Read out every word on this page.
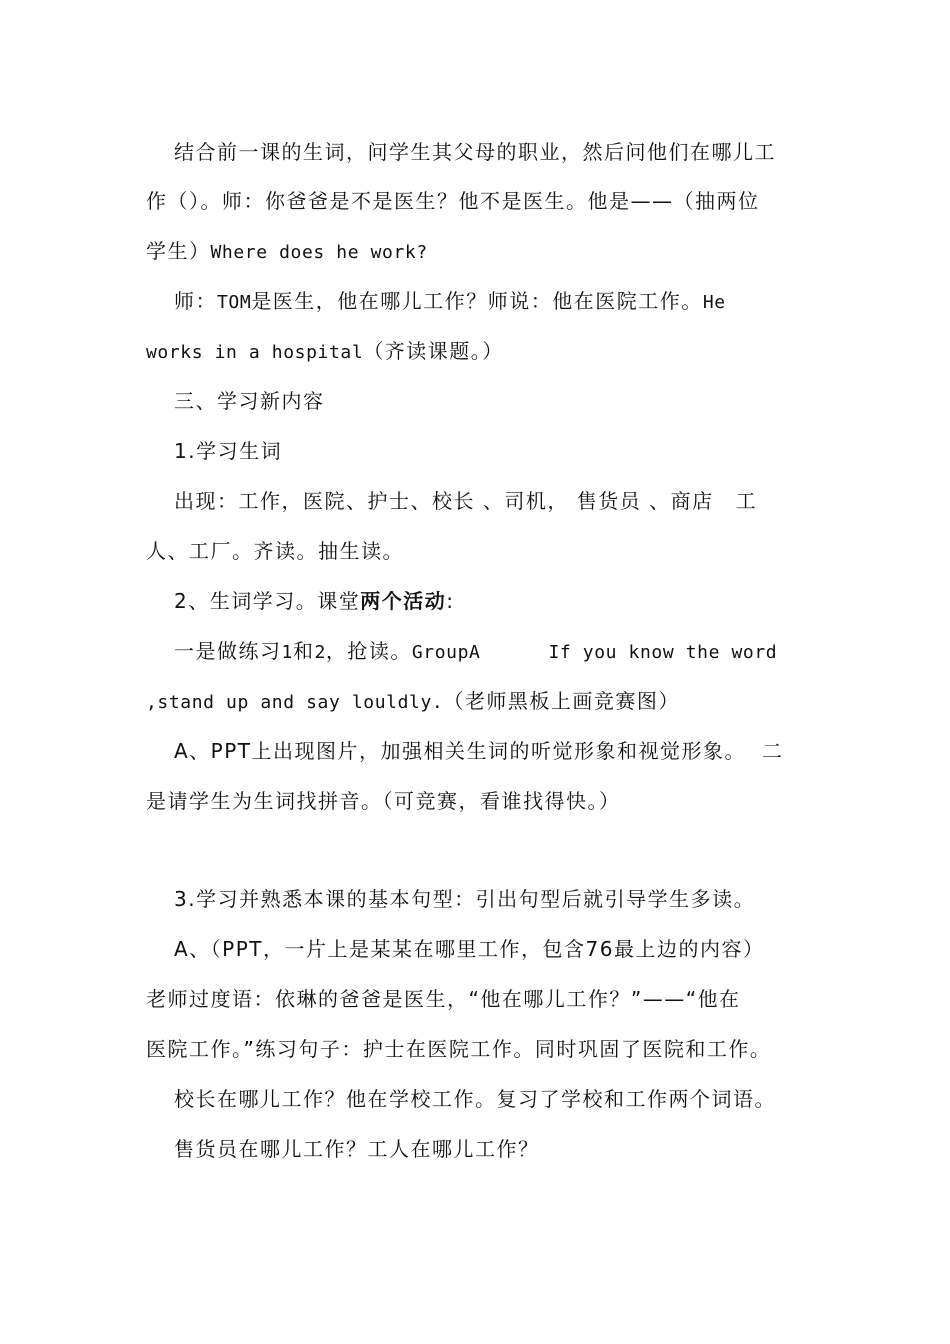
结合前一课的生词，问学生其父母的职业，然后问他们在哪儿工
作（）。师：你爸爸是不是医生？他不是医生。他是——（抽两位
学生）Where does he work?
师：TOM是医生，他在哪儿工作？师说：他在医院工作。He
works in a hospital（齐读课题。）
三、学习新内容
1.学习生词
出现：工作，医院、护士、校长 、司机， 售货员 、商店 工
人、工厂。齐读。抽生读。
2、生词学习。课堂两个活动:
一是做练习1和2，抢读。GroupA	If you know the word
,stand up and say louldly.（老师黑板上画竞赛图）
A、PPT上出现图片，加强相关生词的听觉形象和视觉形象。 二
是请学生为生词找拼音。（可竞赛，看谁找得快。）
3.学习并熟悉本课的基本句型：引出句型后就引导学生多读。
A、（PPT，一片上是某某在哪里工作，包含76最上边的内容）
老师过度语：依琳的爸爸是医生，“他在哪儿工作？”——“他在
医院工作。”练习句子：护士在医院工作。同时巩固了医院和工作。
校长在哪儿工作？他在学校工作。复习了学校和工作两个词语。
售货员在哪儿工作？工人在哪儿工作？
